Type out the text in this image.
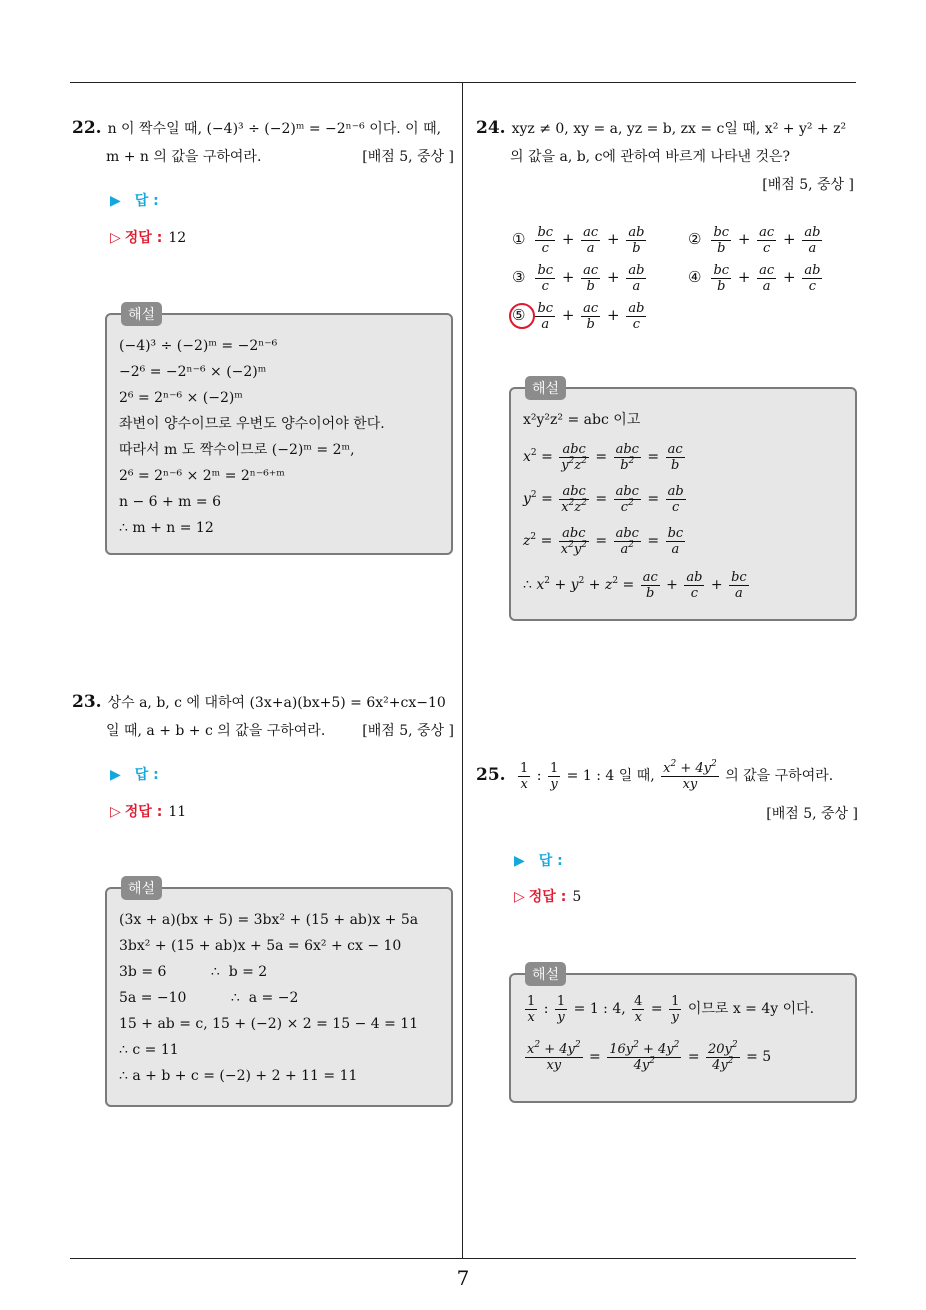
22. n 이 짝수일 때, (−4)³ ÷ (−2)ᵐ = −2ⁿ⁻⁶ 이다. 이 때,
m + n 의 값을 구하여라.	[배점 5, 중상 ]
▶ 답 :
▷ 정답 : 12
해설
(−4)³ ÷ (−2)ᵐ = −2ⁿ⁻⁶
−2⁶ = −2ⁿ⁻⁶ × (−2)ᵐ
2⁶ = 2ⁿ⁻⁶ × (−2)ᵐ
좌변이 양수이므로 우변도 양수이어야 한다.
따라서 m 도 짝수이므로 (−2)ᵐ = 2ᵐ,
2⁶ = 2ⁿ⁻⁶ × 2ᵐ = 2ⁿ⁻⁶⁺ᵐ
n − 6 + m = 6
∴ m + n = 12
23. 상수 a, b, c 에 대하여 (3x+a)(bx+5) = 6x²+cx−10
일 때, a + b + c 의 값을 구하여라.	[배점 5, 중상 ]
▶ 답 :
▷ 정답 : 11
해설
(3x + a)(bx + 5) = 3bx² + (15 + ab)x + 5a
3bx² + (15 + ab)x + 5a = 6x² + cx − 10
3b = 6          ∴  b = 2
5a = −10          ∴  a = −2
15 + ab = c, 15 + (−2) × 2 = 15 − 4 = 11
∴ c = 11
∴ a + b + c = (−2) + 2 + 11 = 11
24. xyz ≠ 0, xy = a, yz = b, zx = c일 때, x² + y² + z²
의 값을 a, b, c에 관하여 바르게 나타낸 것은?
[배점 5, 중상 ]
① $\frac{bc}{c} + \frac{ac}{a} + \frac{ab}{b}$	② $\frac{bc}{b} + \frac{ac}{c} + \frac{ab}{a}$
③ $\frac{bc}{c} + \frac{ac}{b} + \frac{ab}{a}$	④ $\frac{bc}{b} + \frac{ac}{a} + \frac{ab}{c}$
⑤ $\frac{bc}{a} + \frac{ac}{b} + \frac{ab}{c}$
해설
x²y²z² = abc 이고
$x^2 = \frac{\text{abc}}{y^2z^2} = \frac{\text{abc}}{b^2} = \frac{ac}{b}$
$y^2 = \frac{\text{abc}}{x^2z^2} = \frac{\text{abc}}{c^2} = \frac{ab}{c}$
$z^2 = \frac{\text{abc}}{x^2y^2} = \frac{\text{abc}}{a^2} = \frac{bc}{a}$
∴ $x^2 + y^2 + z^2 = \frac{ac}{b} + \frac{ab}{c} + \frac{bc}{a}$
25. $\frac{1}{x}$ : $\frac{1}{y} = 1$ : 4 일 때, $\frac{x^2 + 4y^2}{xy}$ 의 값을 구하여라.
[배점 5, 중상 ]
▶ 답 :
▷ 정답 : 5
해설
$\frac{1}{x}$ : $\frac{1}{y} = 1$ : 4, $\frac{4}{x} = \frac{1}{y}$ 이므로 x = 4y 이다.
$\frac{x^2 + 4y^2}{xy} = \frac{16y^2 + 4y^2}{4y^2} = \frac{20y^2}{4y^2} = 5$
7
